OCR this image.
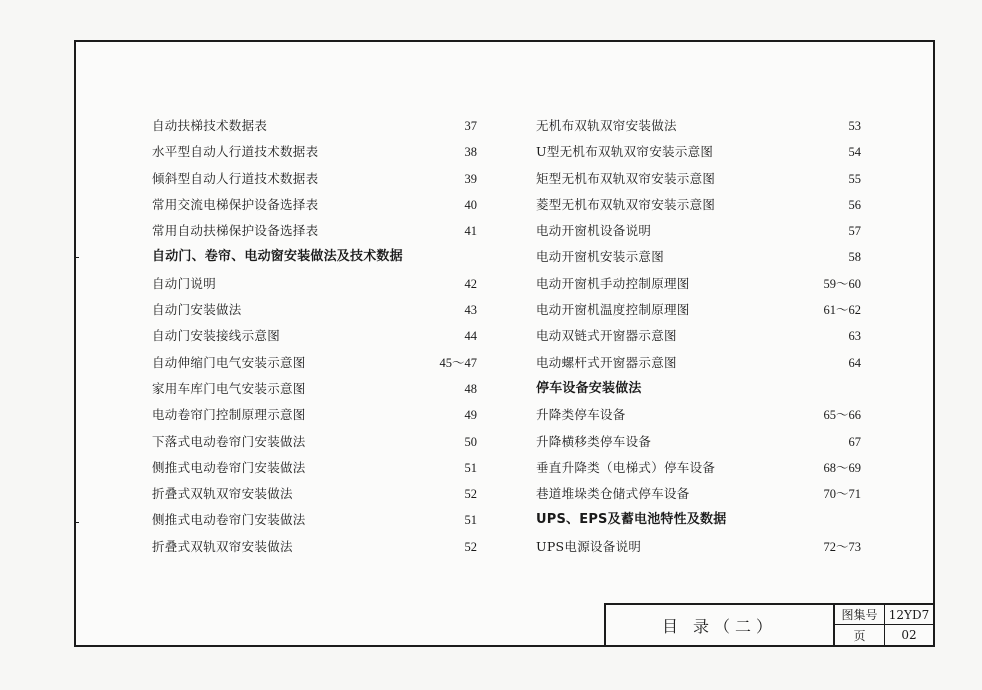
自动扶梯技术数据表	37
水平型自动人行道技术数据表	38
倾斜型自动人行道技术数据表	39
常用交流电梯保护设备选择表	40
常用自动扶梯保护设备选择表	41
自动门、卷帘、电动窗安装做法及技术数据
自动门说明	42
自动门安装做法	43
自动门安装接线示意图	44
自动伸缩门电气安装示意图	45～47
家用车库门电气安装示意图	48
电动卷帘门控制原理示意图	49
下落式电动卷帘门安装做法	50
侧推式电动卷帘门安装做法	51
折叠式双轨双帘安装做法	52
侧推式电动卷帘门安装做法	51
折叠式双轨双帘安装做法	52
无机布双轨双帘安装做法	53
U型无机布双轨双帘安装示意图	54
矩型无机布双轨双帘安装示意图	55
菱型无机布双轨双帘安装示意图	56
电动开窗机设备说明	57
电动开窗机安装示意图	58
电动开窗机手动控制原理图	59～60
电动开窗机温度控制原理图	61～62
电动双链式开窗器示意图	63
电动螺杆式开窗器示意图	64
停车设备安装做法
升降类停车设备	65～66
升降横移类停车设备	67
垂直升降类（电梯式）停车设备	68～69
巷道堆垛类仓储式停车设备	70～71
UPS、EPS及蓄电池特性及数据
UPS电源设备说明	72～73
目 录（二）
图集号 12YD7
页	02
